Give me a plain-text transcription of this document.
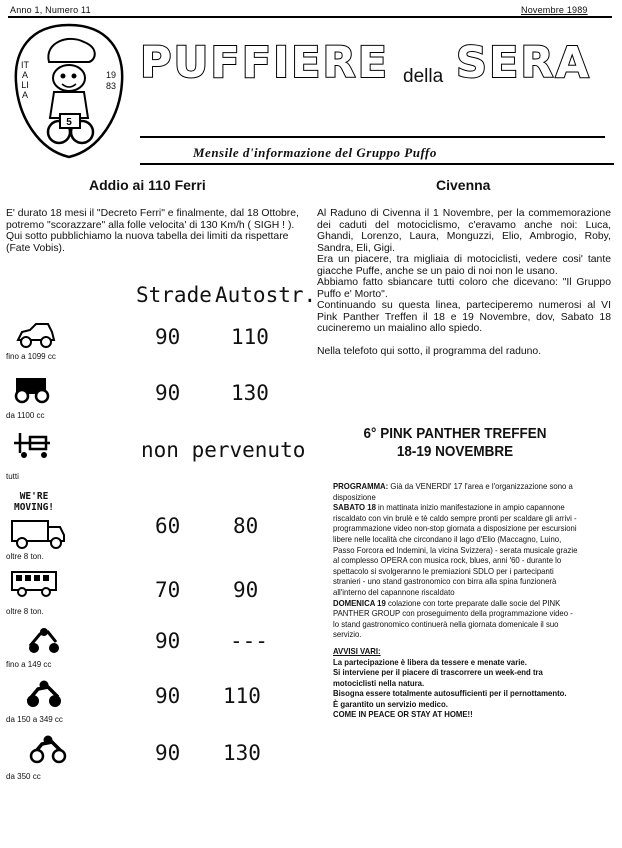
Anno 1, Numero 11	Novembre 1989
5
ITALIA
1983 PUFFIERE della SERA
Mensile d'informazione del Gruppo Puffo
Addio ai 110 Ferri

E' durato 18 mesi il "Decreto Ferri" e finalmente, dal 18 Ottobre, potremo "scorazzare" alla folle velocita' di 130 Km/h ( SIGH ! ).

Qui sotto pubblichiamo la nuova tabella dei limiti da rispettare (Fate Vobis).

Strade Autostr.
fino a 1099 cc
90 110
da 1100 cc
90 130
tutti
non pervenuto
WE'RE MOVING!
oltre 8 ton.
60	80
oltre 8 ton.
70	90
fino a 149 cc
90 ---
da 150 a 349 cc
90 110
da 350 cc
90 130
Civenna

Al Raduno di Civenna il 1 Novembre, per la commemorazione dei caduti del motociclismo, c'eravamo anche noi: Luca, Ghandi, Lorenzo, Laura, Monguzzi, Elio, Ambrogio, Roby, Sandra, Eli, Gigi.

Era un piacere, tra migliaia di motociclisti, vedere cosi' tante giacche Puffe, anche se un paio di noi non le usano.

Abbiamo fatto sbiancare tutti coloro che dicevano: "Il Gruppo Puffo e' Morto".

Continuando su questa linea, parteciperemo numerosi al VI Pink Panther Treffen il 18 e 19 Novembre, dov, Sabato 18 cucineremo un maialino allo spiedo.

Nella telefoto qui sotto, il programma del raduno.

6° PINK PANTHER TREFFEN
18-19 NOVEMBRE
PROGRAMMA: Già da VENERDI' 17 l'area e l'organizzazione sono a disposizione
SABATO 18 in mattinata inizio manifestazione in ampio capannone riscaldato con vin brulè e tè caldo sempre pronti per scaldare gli arrivi - programmazione video non-stop giornata a disposizione per escursioni libere nelle località che circondano il lago d'Elio (Maccagno, Luino, Passo Forcora ed Indemini, la vicina Svizzera) - serata musicale grazie al complesso OPERA con musica rock, blues, anni '60 - durante lo spettacolo si svolgeranno le premiazioni SDLO per i partecipanti stranieri - uno stand gastronomico con birra alla spina funzionerà all'interno del capannone riscaldato
DOMENICA 19 colazione con torte preparate dalle socie del PINK PANTHER GROUP con proseguimento della programmazione video - lo stand gastronomico continuerà nella giornata domenicale il suo servizio.
AVVISI VARI:
La partecipazione è libera da tessere e menate varie.
Si interviene per il piacere di trascorrere un week-end tra motociclisti nella natura.
Bisogna essere totalmente autosufficienti per il pernottamento.
È garantito un servizio medico.
COME IN PEACE OR STAY AT HOME!!
